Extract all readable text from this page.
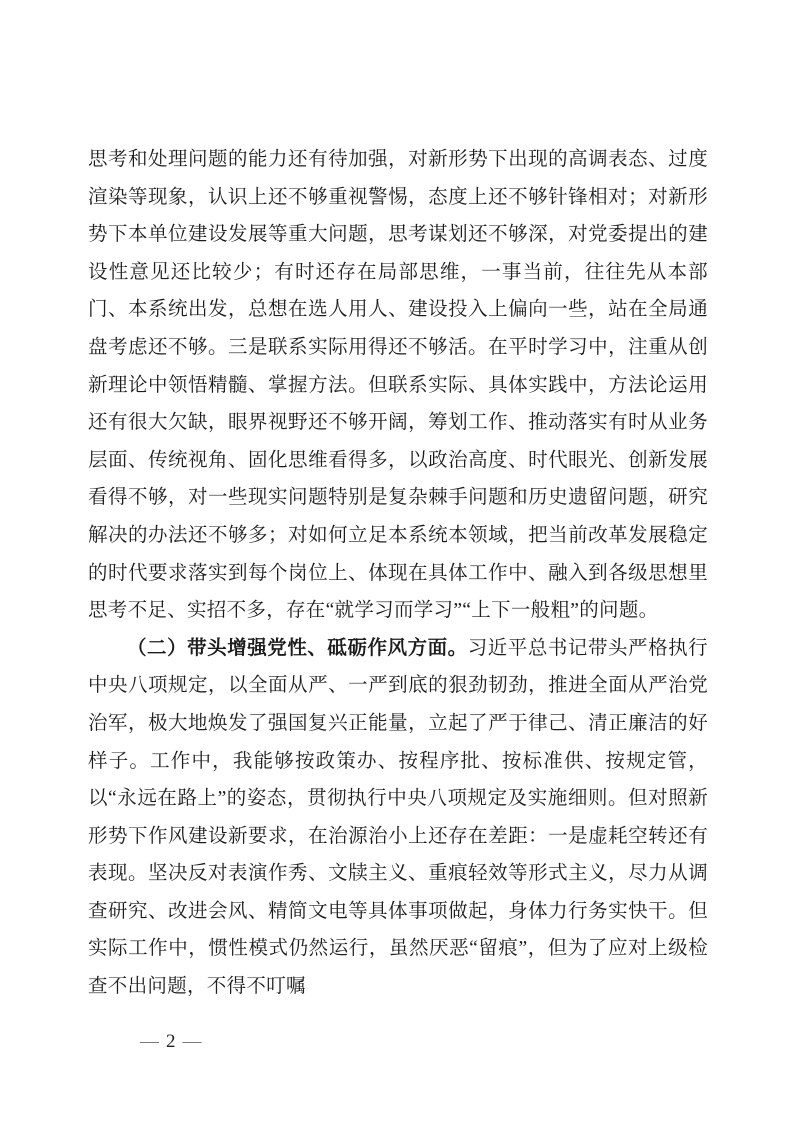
思考和处理问题的能力还有待加强，对新形势下出现的高调表态、过度渲染等现象，认识上还不够重视警惕，态度上还不够针锋相对；对新形势下本单位建设发展等重大问题，思考谋划还不够深，对党委提出的建设性意见还比较少；有时还存在局部思维，一事当前，往往先从本部门、本系统出发，总想在选人用人、建设投入上偏向一些，站在全局通盘考虑还不够。三是联系实际用得还不够活。在平时学习中，注重从创新理论中领悟精髓、掌握方法。但联系实际、具体实践中，方法论运用还有很大欠缺，眼界视野还不够开阔，筹划工作、推动落实有时从业务层面、传统视角、固化思维看得多，以政治高度、时代眼光、创新发展看得不够，对一些现实问题特别是复杂棘手问题和历史遗留问题，研究解决的办法还不够多；对如何立足本系统本领域，把当前改革发展稳定的时代要求落实到每个岗位上、体现在具体工作中、融入到各级思想里思考不足、实招不多，存在“就学习而学习”“上下一般粗”的问题。

（二）带头增强党性、砥砺作风方面。习近平总书记带头严格执行中央八项规定，以全面从严、一严到底的狠劲韧劲，推进全面从严治党治军，极大地焕发了强国复兴正能量，立起了严于律己、清正廉洁的好样子。工作中，我能够按政策办、按程序批、按标准供、按规定管，以“永远在路上”的姿态，贯彻执行中央八项规定及实施细则。但对照新形势下作风建设新要求，在治源治小上还存在差距：一是虚耗空转还有表现。坚决反对表演作秀、文牍主义、重痕轻效等形式主义，尽力从调查研究、改进会风、精简文电等具体事项做起，身体力行务实快干。但实际工作中，惯性模式仍然运行，虽然厌恶“留痕”，但为了应对上级检查不出问题，不得不叮嘱

— 2 —
